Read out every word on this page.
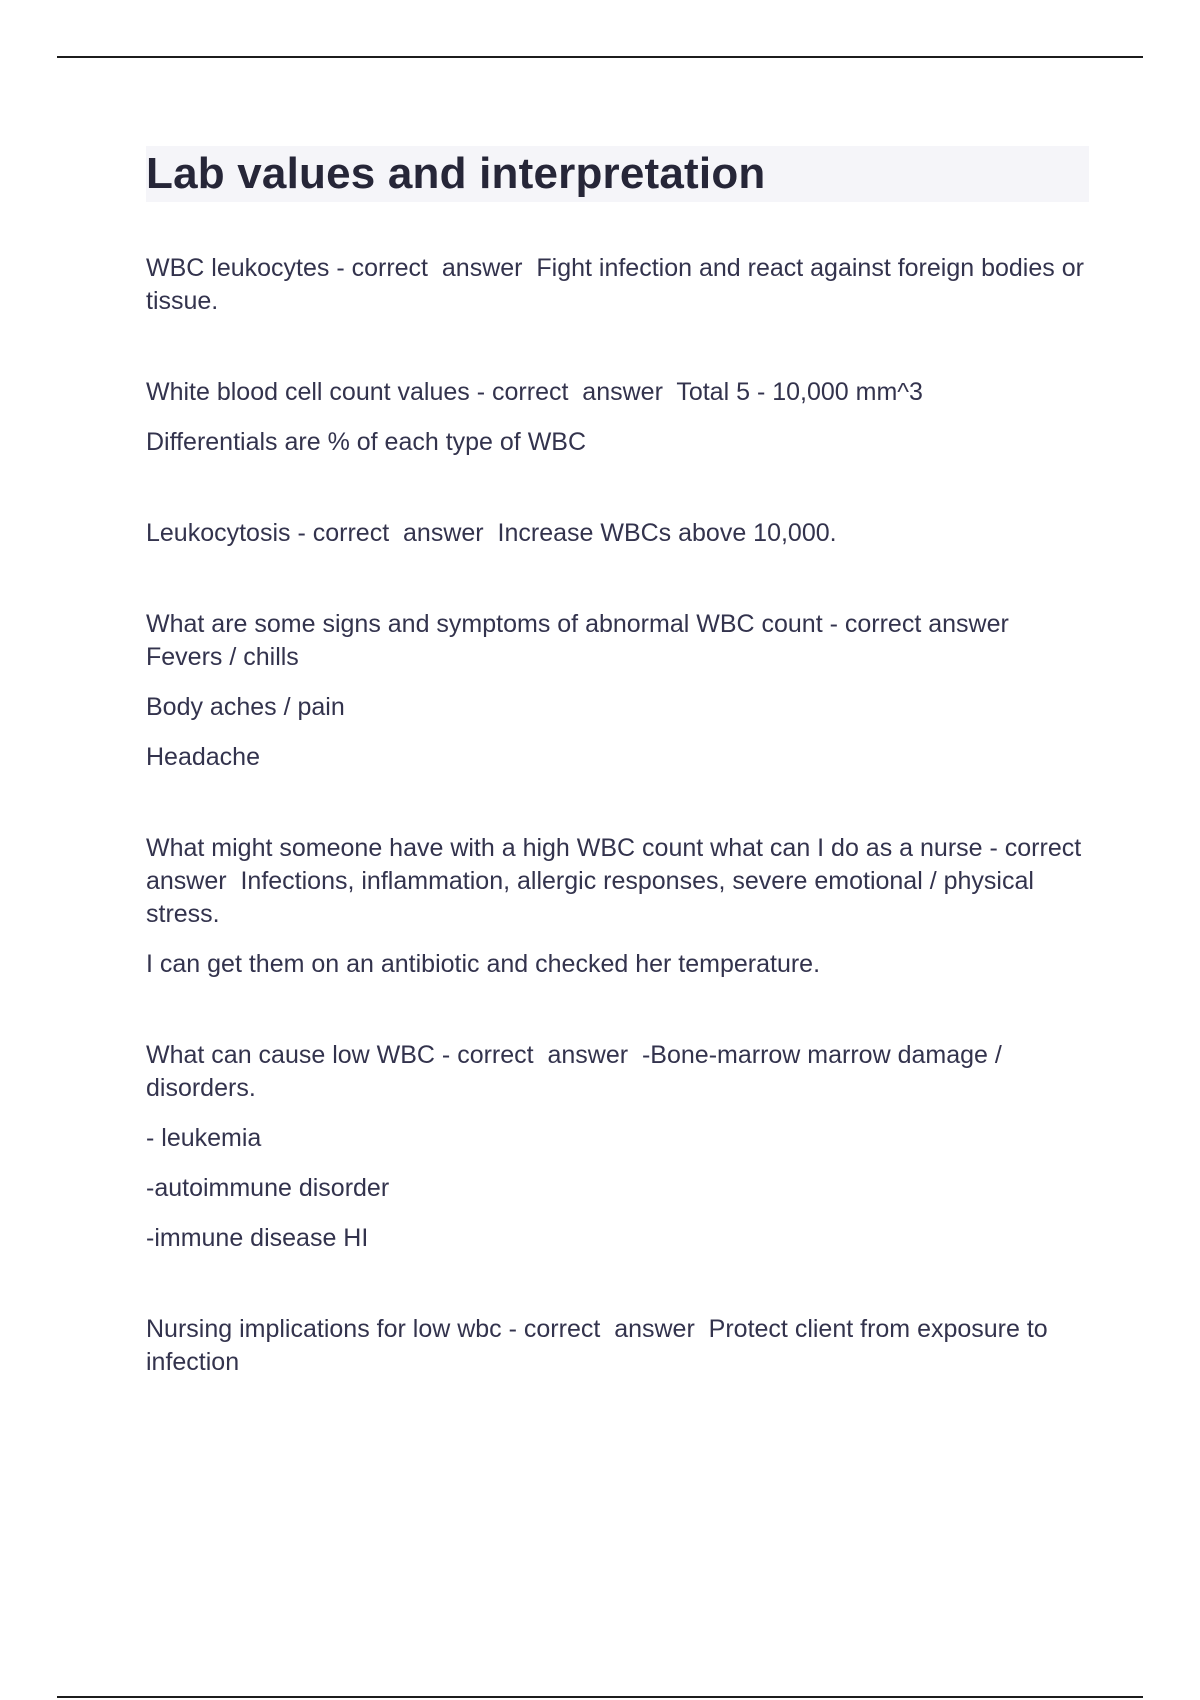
Lab values and interpretation

WBC leukocytes - correct  answer  Fight infection and react against foreign bodies or tissue.

White blood cell count values - correct  answer  Total 5 - 10,000 mm^3

Differentials are % of each type of WBC

Leukocytosis - correct  answer  Increase WBCs above 10,000.

What are some signs and symptoms of abnormal WBC count - correct answer  Fevers / chills

Body aches / pain

Headache

What might someone have with a high WBC count what can I do as a nurse - correct  answer  Infections, inflammation, allergic responses, severe emotional / physical stress.

I can get them on an antibiotic and checked her temperature.

What can cause low WBC - correct  answer  -Bone-marrow marrow damage / disorders.

- leukemia

-autoimmune disorder

-immune disease HI

Nursing implications for low wbc - correct  answer  Protect client from exposure to infection
